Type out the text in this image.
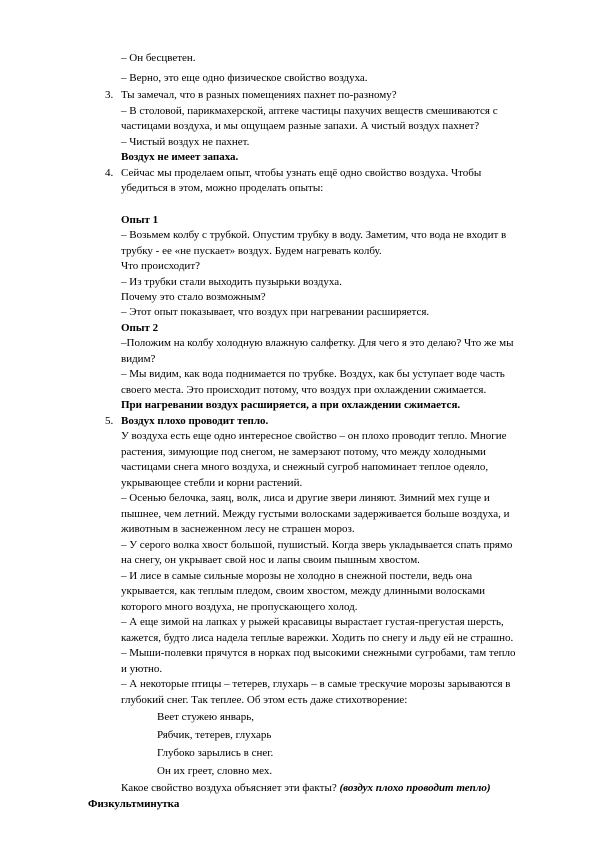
– Он бесцветен.
– Верно, это еще одно физическое свойство воздуха.
3. Ты замечал, что в разных помещениях пахнет по-разному?
– В столовой, парикмахерской, аптеке частицы пахучих веществ смешиваются с
частицами воздуха, и мы ощущаем разные запахи. А чистый воздух пахнет?
– Чистый воздух не пахнет.
Воздух не имеет запаха.
4. Сейчас мы проделаем опыт, чтобы узнать ещё одно свойство воздуха. Чтобы
убедиться в этом, можно проделать опыты:
Опыт 1
– Возьмем колбу с трубкой. Опустим трубку в воду. Заметим, что вода не входит в
трубку - ее «не пускает» воздух. Будем нагревать колбу.
Что происходит?
– Из трубки стали выходить пузырьки воздуха.
Почему это стало возможным?
– Этот опыт показывает, что воздух при нагревании расширяется.
Опыт 2
–Положим на колбу холодную влажную салфетку. Для чего я это делаю? Что же мы
видим?
– Мы видим, как вода поднимается по трубке. Воздух, как бы уступает воде часть
своего места. Это происходит потому, что воздух при охлаждении сжимается.
При нагревании воздух расширяется, а при охлаждении сжимается.
5. Воздух плохо проводит тепло.
У воздуха есть еще одно интересное свойство – он плохо проводит тепло. Многие
растения, зимующие под снегом, не замерзают потому, что между холодными
частицами снега много воздуха, и снежный сугроб напоминает теплое одеяло,
укрывающее стебли и корни растений.
– Осенью белочка, заяц, волк, лиса и другие звери линяют. Зимний мех гуще и
пышнее, чем летний. Между густыми волосками задерживается больше воздуха, и
животным в заснеженном лесу не страшен мороз.
– У серого волка хвост большой, пушистый. Когда зверь укладывается спать прямо
на снегу, он укрывает свой нос и лапы своим пышным хвостом.
– И лисе в самые сильные морозы не холодно в снежной постели, ведь она
укрывается, как теплым пледом, своим хвостом, между длинными волосками
которого много воздуха, не пропускающего холод.
– А еще зимой на лапках у рыжей красавицы вырастает густая-прегустая шерсть,
кажется, будто лиса надела теплые варежки. Ходить по снегу и льду ей не страшно.
– Мыши-полевки прячутся в норках под высокими снежными сугробами, там тепло
и уютно.
– А некоторые птицы – тетерев, глухарь – в самые трескучие морозы зарываются в
глубокий снег. Так теплее. Об этом есть даже стихотворение:
Веет стужею январь,
Рябчик, тетерев, глухарь
Глубоко зарылись в снег.
Он их греет, словно мех.
Какое свойство воздуха объясняет эти факты? (воздух плохо проводит тепло)
Физкультминутка
